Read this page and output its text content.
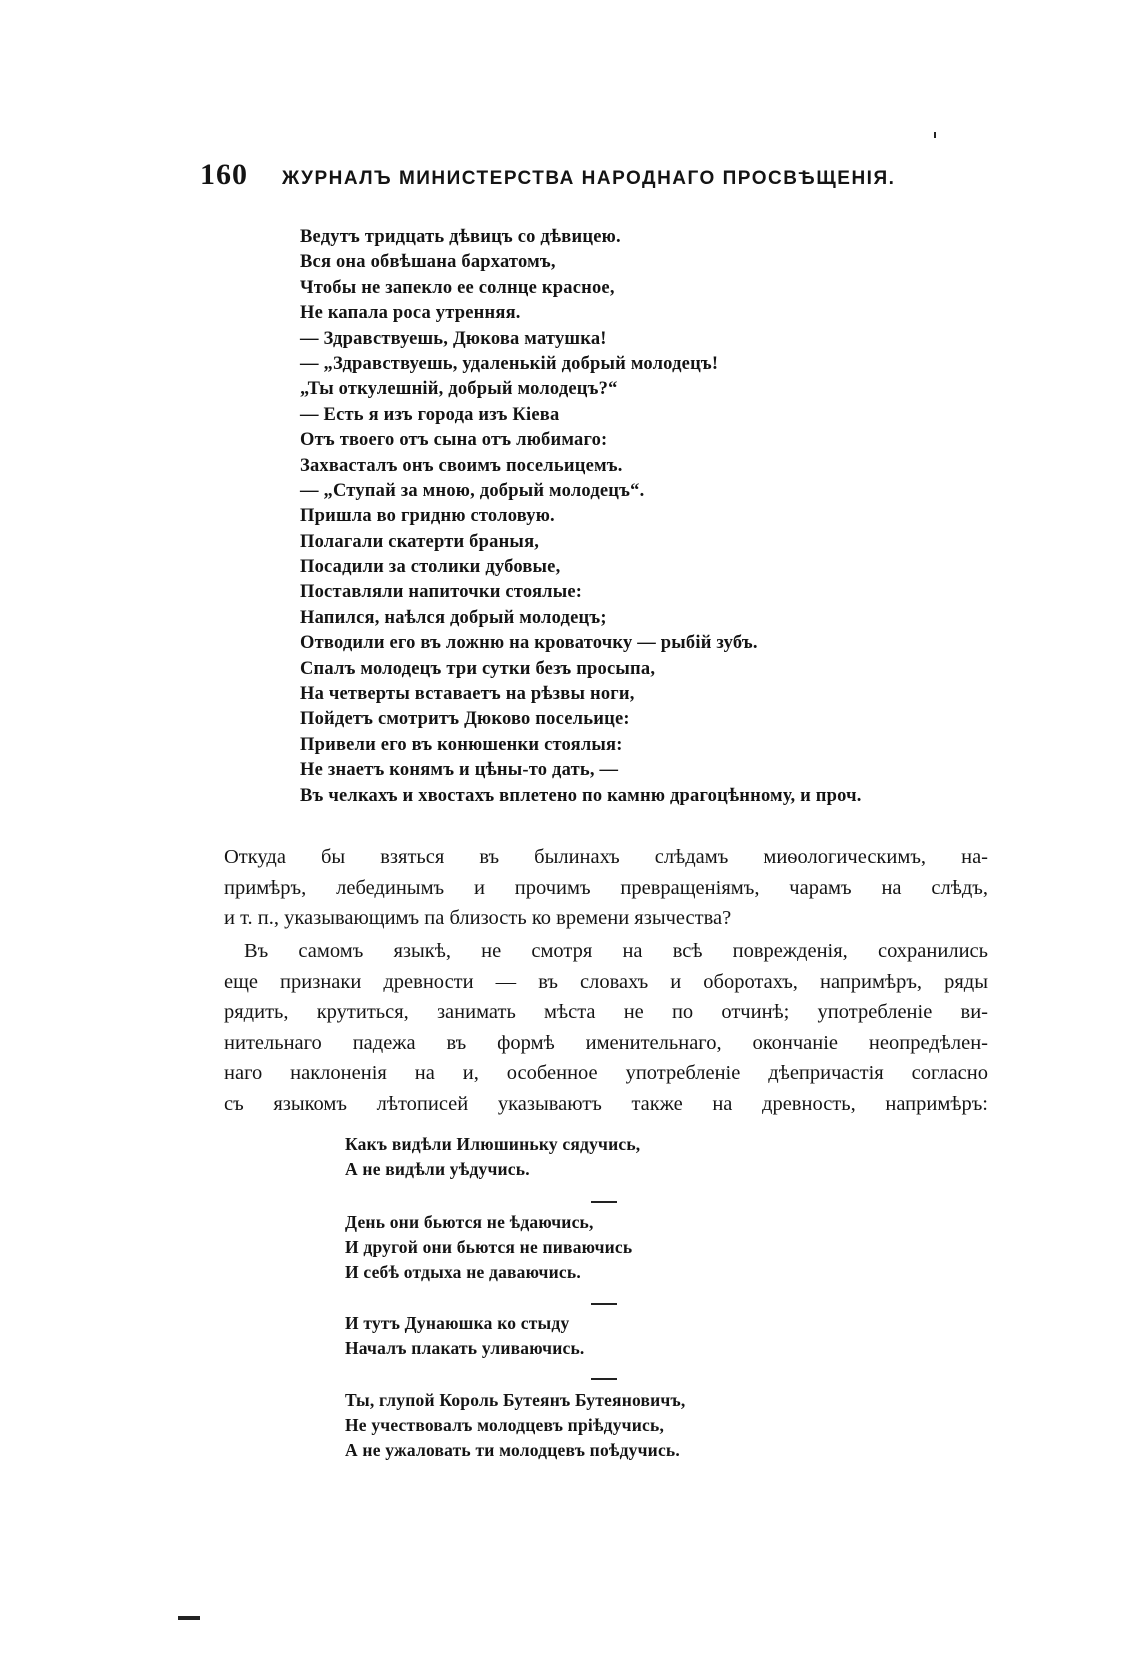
160 ЖУРНАЛЪ МИНИСТЕРСТВА НАРОДНАГО ПРОСВѢЩЕНІЯ.
Ведутъ тридцать дѣвицъ со дѣвицею.
Вся она обвѣшана бархатомъ,
Чтобы не запекло ее солнце красное,
Не капала роса утренняя.
— Здравствуешь, Дюкова матушка!
— „Здравствуешь, удаленькій добрый молодецъ!
„Ты откулешній, добрый молодецъ?“
— Есть я изъ города изъ Кіева
Отъ твоего отъ сына отъ любимаго:
Захвасталъ онъ своимъ посельицемъ.
— „Ступай за мною, добрый молодецъ“.
Пришла во гридню столовую.
Полагали скатерти браныя,
Посадили за столики дубовые,
Поставляли напиточки стоялые:
Напился, наѣлся добрый молодецъ;
Отводили его въ ложню на кроваточку — рыбій зубъ.
Спалъ молодецъ три сутки безъ просыпа,
На четверты вставаетъ на рѣзвы ноги,
Пойдетъ смотритъ Дюково посельице:
Привели его въ конюшенки стоялыя:
Не знаетъ конямъ и цѣны-то дать, —
Въ челкахъ и хвостахъ вплетено по камню драгоцѣнному, и проч.

Откуда бы взяться въ былинахъ слѣдамъ миѳологическимъ, на-
примѣръ, лебединымъ и прочимъ превращеніямъ, чарамъ на слѣдъ,
и т. п., указывающимъ па близость ко времени язычества?

Въ самомъ языкѣ, не смотря на всѣ поврежденія, сохранились
еще признаки древности — въ словахъ и оборотахъ, напримѣръ, ряды
рядить, крутиться, занимать мѣста не по отчинѣ; употребленіе ви-
нительнаго падежа въ формѣ именительнаго, окончаніе неопредѣлен-
наго наклоненія на и, особенное употребленіе дѣепричастія согласно
съ языкомъ лѣтописей указываютъ также на древность, напримѣръ:

Какъ видѣли Илюшиньку сядучись,
А не видѣли уѣдучись.
День они бьются не ѣдаючись,
И другой они бьются не пиваючись
И себѣ отдыха не даваючись.
И тутъ Дунаюшка ко стыду
Началъ плакать уливаючись.
Ты, глупой Король Бутеянъ Бутеяновичъ,
Не учествовалъ молодцевъ пріѣдучись,
А не ужаловать ти молодцевъ поѣдучись.
